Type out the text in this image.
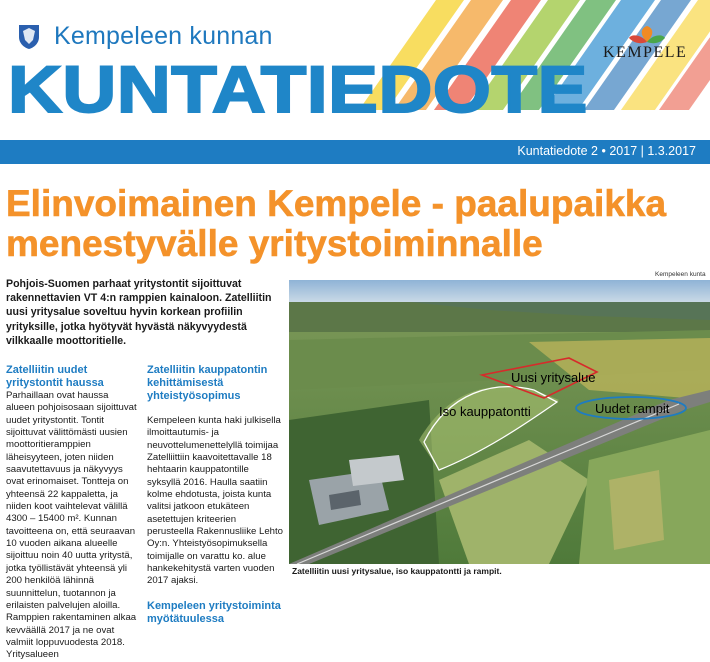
Kempeleen kunnan
KUNTATIEDOTE KEMPELE
Kuntatiedote 2 • 2017 | 1.3.2017
Elinvoimainen Kempele - paalupaikka menestyvälle yritystoiminnalle
Pohjois-Suomen parhaat yritystontit sijoittuvat rakennettavien VT 4:n ramppien kainaloon. Zatelliitin uusi yritysalue soveltuu hyvin korkean profiilin yrityksille, jotka hyötyvät hyvästä näkyvyydestä vilkkaalle moottoritielle.
Zatelliitin uudet yritystontit haussa
Parhaillaan ovat haussa alueen pohjoisosaan sijoittuvat uudet yritystontit. Tontit sijoittuvat välittömästi uusien moottoritieramppien läheisyyteen, joten niiden saavutettavuus ja näkyvyys ovat erinomaiset. Tontteja on yhteensä 22 kappaletta, ja niiden koot vaihtelevat välillä 4300 – 15400 m². Kunnan tavoitteena on, että seuraavan 10 vuoden aikana alueelle sijoittuu noin 40 uutta yritystä, jotka työllistävät yhteensä yli 200 henkilöä lähinnä suunnittelun, tuotannon ja erilaisten palvelujen aloilla.
Ramppien rakentaminen alkaa kevväällä 2017 ja ne ovat valmiit loppuvuodesta 2018. Yritysalueen
Zatelliitin kauppatontin kehittämisestä yhteistyösopimus
Kempeleen kunta haki julkisella ilmoittautumis- ja neuvottelumenettelyllä toimijaa Zatelliittiin kaavoitettavalle 18 hehtaarin kauppatontille syksyllä 2016. Haulla saatiin kolme ehdotusta, joista kunta valitsi jatkoon etukäteen asetettujen kriteerien perusteella Rakennusliike Lehto Oy:n. Yhteistyösopimuksella toimijalle on varattu ko. alue hankekehitystä varten vuoden 2017 ajaksi.
Kempeleen yritystoiminta myötätuulessa
Kempeleen kunta
Uusi yritysalue
Iso kauppatontti	Uudet rampit
Zatelliitin uusi yritysalue, iso kauppatontti ja rampit.
